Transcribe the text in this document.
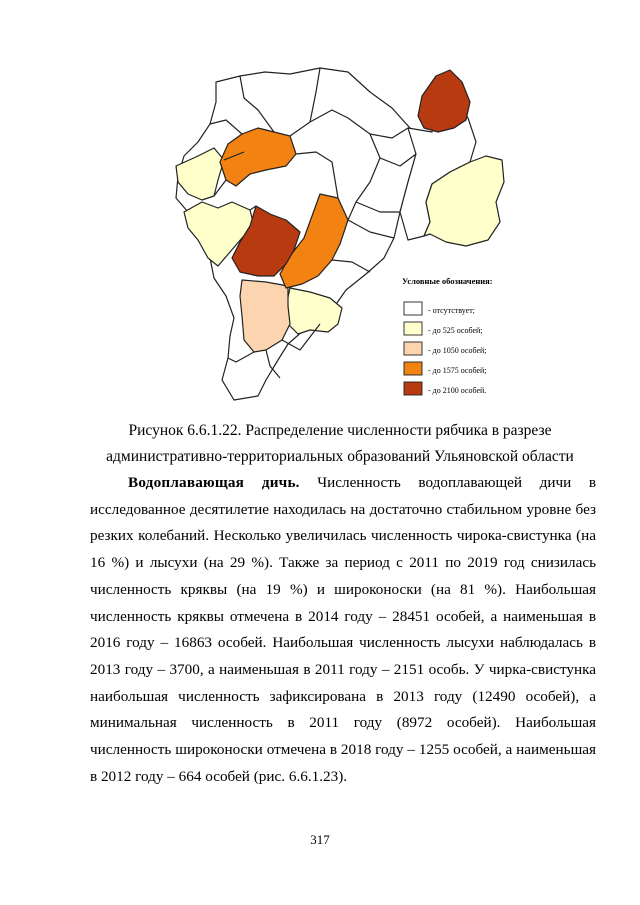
Условные обозначения:
- отсутствует;
- до 525 особей;
- до 1050 особей;
- до 1575 особей;
- до 2100 особей.
Рисунок 6.6.1.22. Распределение численности рябчика в разрезе
административно-территориальных образований Ульяновской области

Водоплавающая дичь. Численность водоплавающей дичи в исследованное десятилетие находилась на достаточно стабильном уровне без резких колебаний. Несколько увеличилась численность чирока-свистунка (на 16 %) и лысухи (на 29 %). Также за период с 2011 по 2019 год снизилась численность кряквы (на 19 %) и широконоски (на 81 %). Наибольшая численность кряквы отмечена в 2014 году – 28451 особей, а наименьшая в 2016 году – 16863 особей. Наибольшая численность лысухи наблюдалась в 2013 году – 3700, а наименьшая в 2011 году – 2151 особь. У чирка-свистунка наибольшая численность зафиксирована в 2013 году (12490 особей), а минимальная численность в 2011 году (8972 особей). Наибольшая численность широконоски отмечена в 2018 году – 1255 особей, а наименьшая в 2012 году – 664 особей (рис. 6.6.1.23).

317
